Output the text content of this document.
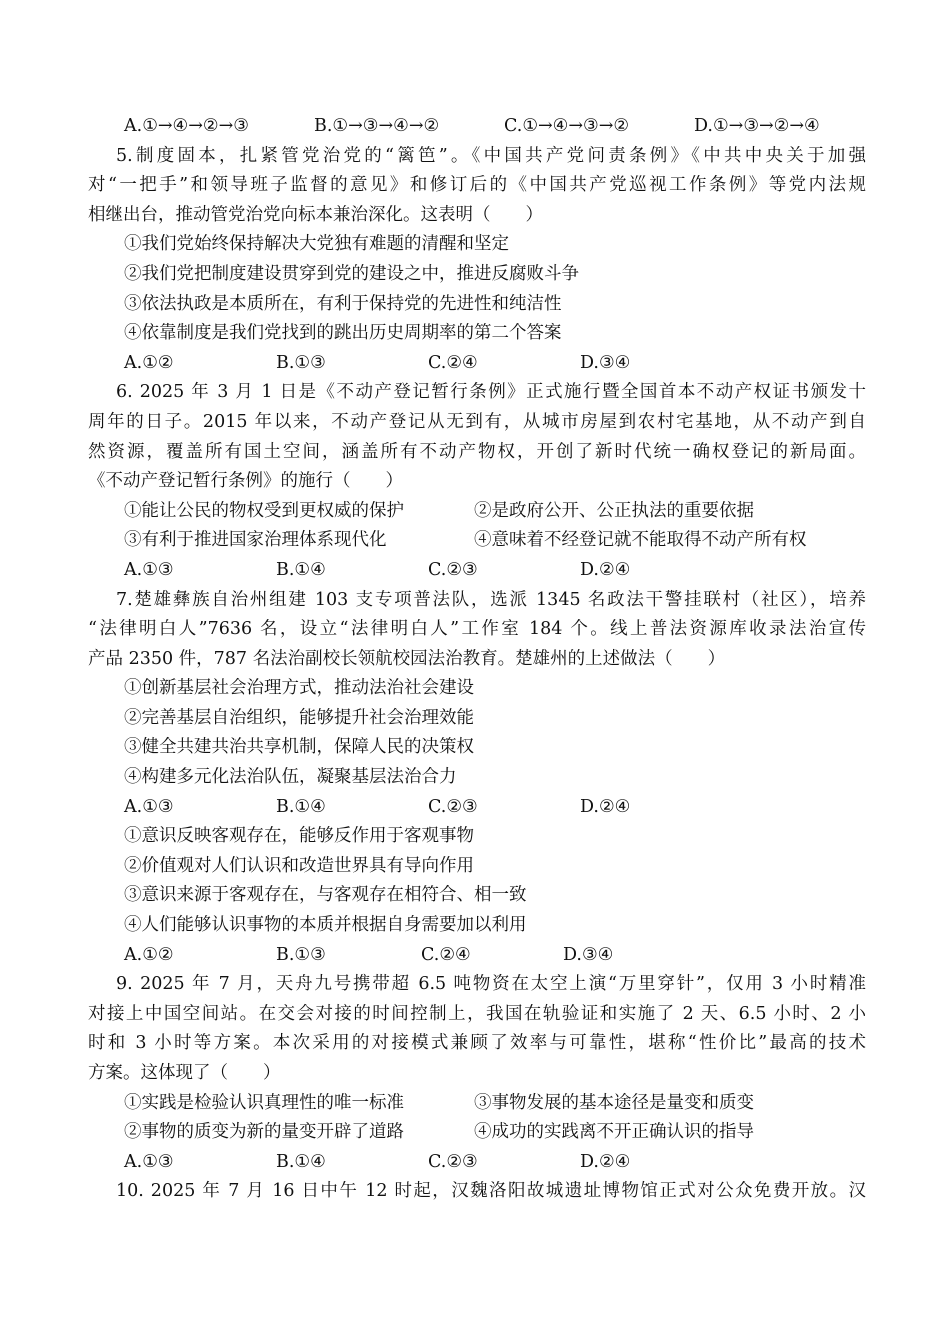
A.①→④→②→③	B.①→③→④→②	C.①→④→③→②	D.①→③→②→④
5.制度固本，扎紧管党治党的“篱笆”。《中国共产党问责条例》《中共中央关于加强
对“一把手”和领导班子监督的意见》和修订后的《中国共产党巡视工作条例》等党内法规
相继出台，推动管党治党向标本兼治深化。这表明（　　）
①我们党始终保持解决大党独有难题的清醒和坚定
②我们党把制度建设贯穿到党的建设之中，推进反腐败斗争
③依法执政是本质所在，有利于保持党的先进性和纯洁性
④依靠制度是我们党找到的跳出历史周期率的第二个答案
A.①②	B.①③	C.②④	D.③④
6. 2025 年 3 月 1 日是《不动产登记暂行条例》正式施行暨全国首本不动产权证书颁发十
周年的日子。2015 年以来，不动产登记从无到有，从城市房屋到农村宅基地，从不动产到自
然资源，覆盖所有国土空间，涵盖所有不动产物权，开创了新时代统一确权登记的新局面。
《不动产登记暂行条例》的施行（　　）
①能让公民的物权受到更权威的保护	②是政府公开、公正执法的重要依据
③有利于推进国家治理体系现代化	④意味着不经登记就不能取得不动产所有权
A.①③	B.①④	C.②③	D.②④
7.楚雄彝族自治州组建 103 支专项普法队，选派 1345 名政法干警挂联村（社区），培养
“法律明白人”7636 名，设立“法律明白人”工作室 184 个。线上普法资源库收录法治宣传
产品 2350 件，787 名法治副校长领航校园法治教育。楚雄州的上述做法（　　）
①创新基层社会治理方式，推动法治社会建设
②完善基层自治组织，能够提升社会治理效能
③健全共建共治共享机制，保障人民的决策权
④构建多元化法治队伍，凝聚基层法治合力
A.①③	B.①④	C.②③	D.②④
①意识反映客观存在，能够反作用于客观事物
②价值观对人们认识和改造世界具有导向作用
③意识来源于客观存在，与客观存在相符合、相一致
④人们能够认识事物的本质并根据自身需要加以利用
A.①②	B.①③	C.②④	D.③④
9. 2025 年 7 月，天舟九号携带超 6.5 吨物资在太空上演“万里穿针”，仅用 3 小时精准
对接上中国空间站。在交会对接的时间控制上，我国在轨验证和实施了 2 天、6.5 小时、2 小
时和 3 小时等方案。本次采用的对接模式兼顾了效率与可靠性，堪称“性价比”最高的技术
方案。这体现了（　　）
①实践是检验认识真理性的唯一标准	③事物发展的基本途径是量变和质变
②事物的质变为新的量变开辟了道路	④成功的实践离不开正确认识的指导
A.①③	B.①④	C.②③	D.②④
10. 2025 年 7 月 16 日中午 12 时起，汉魏洛阳故城遗址博物馆正式对公众免费开放。汉
